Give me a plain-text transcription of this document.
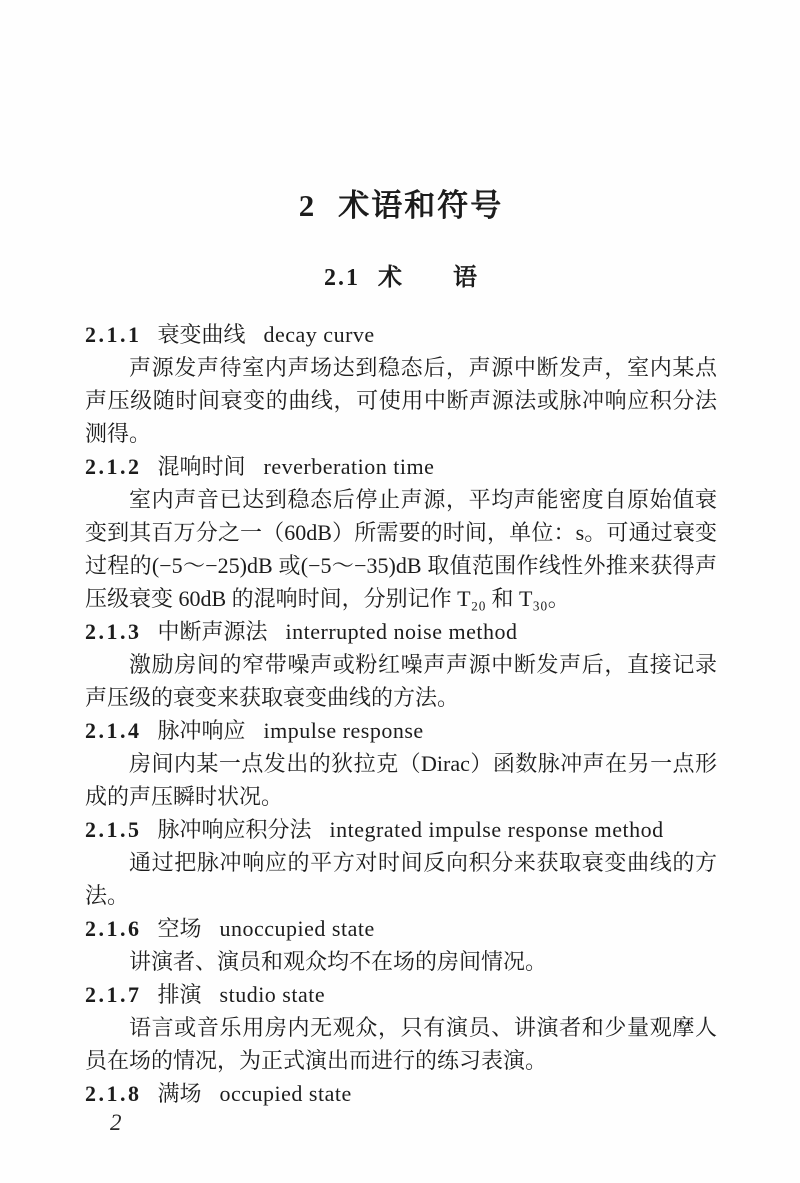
2 术语和符号
2.1 术　　语
2.1.1 衰变曲线 decay curve

声源发声待室内声场达到稳态后，声源中断发声，室内某点声压级随时间衰变的曲线，可使用中断声源法或脉冲响应积分法测得。

2.1.2 混响时间 reverberation time

室内声音已达到稳态后停止声源，平均声能密度自原始值衰变到其百万分之一（60dB）所需要的时间，单位：s。可通过衰变过程的(−5～−25)dB 或(−5～−35)dB 取值范围作线性外推来获得声压级衰变 60dB 的混响时间，分别记作 T₂₀ 和 T₃₀。

2.1.3 中断声源法 interrupted noise method

激励房间的窄带噪声或粉红噪声声源中断发声后，直接记录声压级的衰变来获取衰变曲线的方法。

2.1.4 脉冲响应 impulse response

房间内某一点发出的狄拉克（Dirac）函数脉冲声在另一点形成的声压瞬时状况。

2.1.5 脉冲响应积分法 integrated impulse response method

通过把脉冲响应的平方对时间反向积分来获取衰变曲线的方法。

2.1.6 空场 unoccupied state

讲演者、演员和观众均不在场的房间情况。

2.1.7 排演 studio state

语言或音乐用房内无观众，只有演员、讲演者和少量观摩人员在场的情况，为正式演出而进行的练习表演。

2.1.8 满场 occupied state
2
